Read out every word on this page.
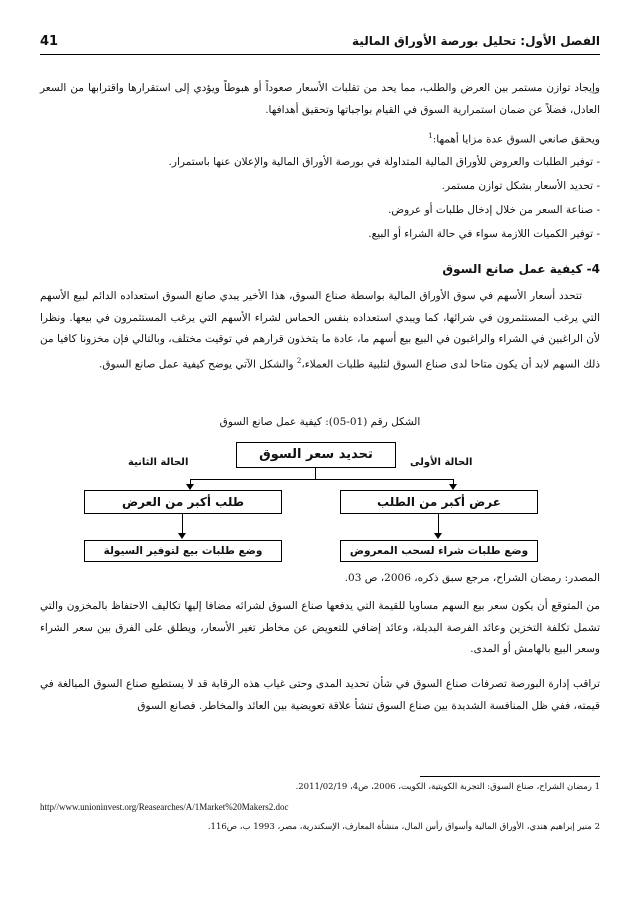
الفصل الأول: تحليل بورصة الأوراق المالية
41
وإيجاد توازن مستمر بين العرض والطلب، مما يحد من تقلبات الأسعار صعوداً أو هبوطاً ويؤدي إلى استقرارها واقترابها من السعر العادل، فضلاً عن ضمان استمرارية السوق في القيام بواجباتها وتحقيق أهدافها.
ويحقق صانعي السوق عدة مزايا أهمها:$^1$
- توفير الطلبات والعروض للأوراق المالية المتداولة في بورصة الأوراق المالية والإعلان عنها باستمرار.
- تحديد الأسعار بشكل توازن مستمر.
- صناعة السعر من خلال إدخال طلبات أو عروض.
- توفير الكميات اللازمة سواء في حالة الشراء أو البيع.
4- كيفية عمل صانع السوق
تتحدد أسعار الأسهم في سوق الأوراق المالية بواسطة صناع السوق، هذا الأخير يبدي صانع السوق استعداده الدائم لبيع الأسهم التي يرغب المستثمرون في شرائها، كما ويبدي استعداده بنفس الحماس لشراء الأسهم التي يرغب المستثمرون في بيعها. ونظرا لأن الراغبين في الشراء والراغبون في البيع بيع أسهم ما، عادة ما يتخذون قرارهم في توقيت مختلف، وبالتالي فإن مخزونا كافيا من ذلك السهم لابد أن يكون متاحا لدى صناع السوق لتلبية طلبات العملاء،$^2$ والشكل الآتي يوضح كيفية عمل صانع السوق.
الشكل رقم (01-05): كيفية عمل صانع السوق
تحديد سعر السوق
الحالة الأولى
الحالة الثانية
عرض أكبر من الطلب
طلب أكبر من العرض
وضع طلبات شراء لسحب المعروض
وضع طلبات بيع لتوفير السيولة
المصدر: رمضان الشراح، مرجع سبق ذكره، 2006، ص 03.
من المتوقع أن يكون سعر بيع السهم مساويا للقيمة التي يدفعها صناع السوق لشرائه مضافا إليها تكاليف الاحتفاظ بالمخزون والتي تشمل تكلفة التخزين وعائد الفرصة البديلة، وعائد إضافي للتعويض عن مخاطر تغير الأسعار، ويطلق على الفرق بين سعر الشراء وسعر البيع بالهامش أو المدى.
تراقب إدارة البورصة تصرفات صناع السوق في شأن تحديد المدى وحتى غياب هذه الرقابة قد لا يستطيع صناع السوق المبالغة في قيمته، ففي ظل المنافسة الشديدة بين صناع السوق تنشأ علاقة تعويضية بين العائد والمخاطر. فصانع السوق
1 رمضان الشراح، صناع السوق: التجربة الكويتية، الكويت، 2006، ص4، 2011/02/19.
http//www.unioninvest.org/Reasearches/A/1Market%20Makers2.doc
2 منير إبراهيم هندي، الأوراق المالية وأسواق رأس المال، منشأة المعارف، الإسكندرية، مصر، 1993 ب، ص116.
